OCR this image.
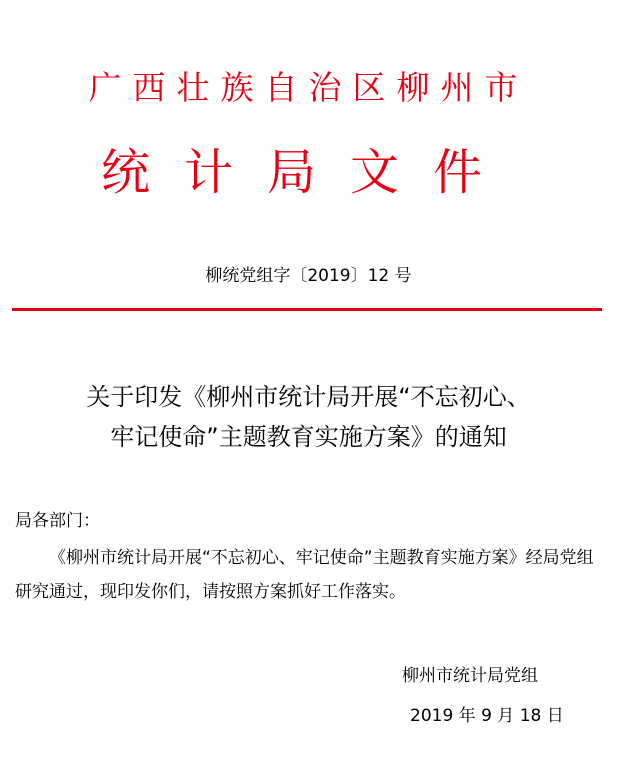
广西壮族自治区柳州市
统计局文件
柳统党组字〔2019〕12 号
关于印发《柳州市统计局开展“不忘初心、
牢记使命”主题教育实施方案》的通知
局各部门：
《柳州市统计局开展“不忘初心、牢记使命”主题教育实施方案》经局党组研究通过，现印发你们，请按照方案抓好工作落实。
柳州市统计局党组
2019 年 9 月 18 日
